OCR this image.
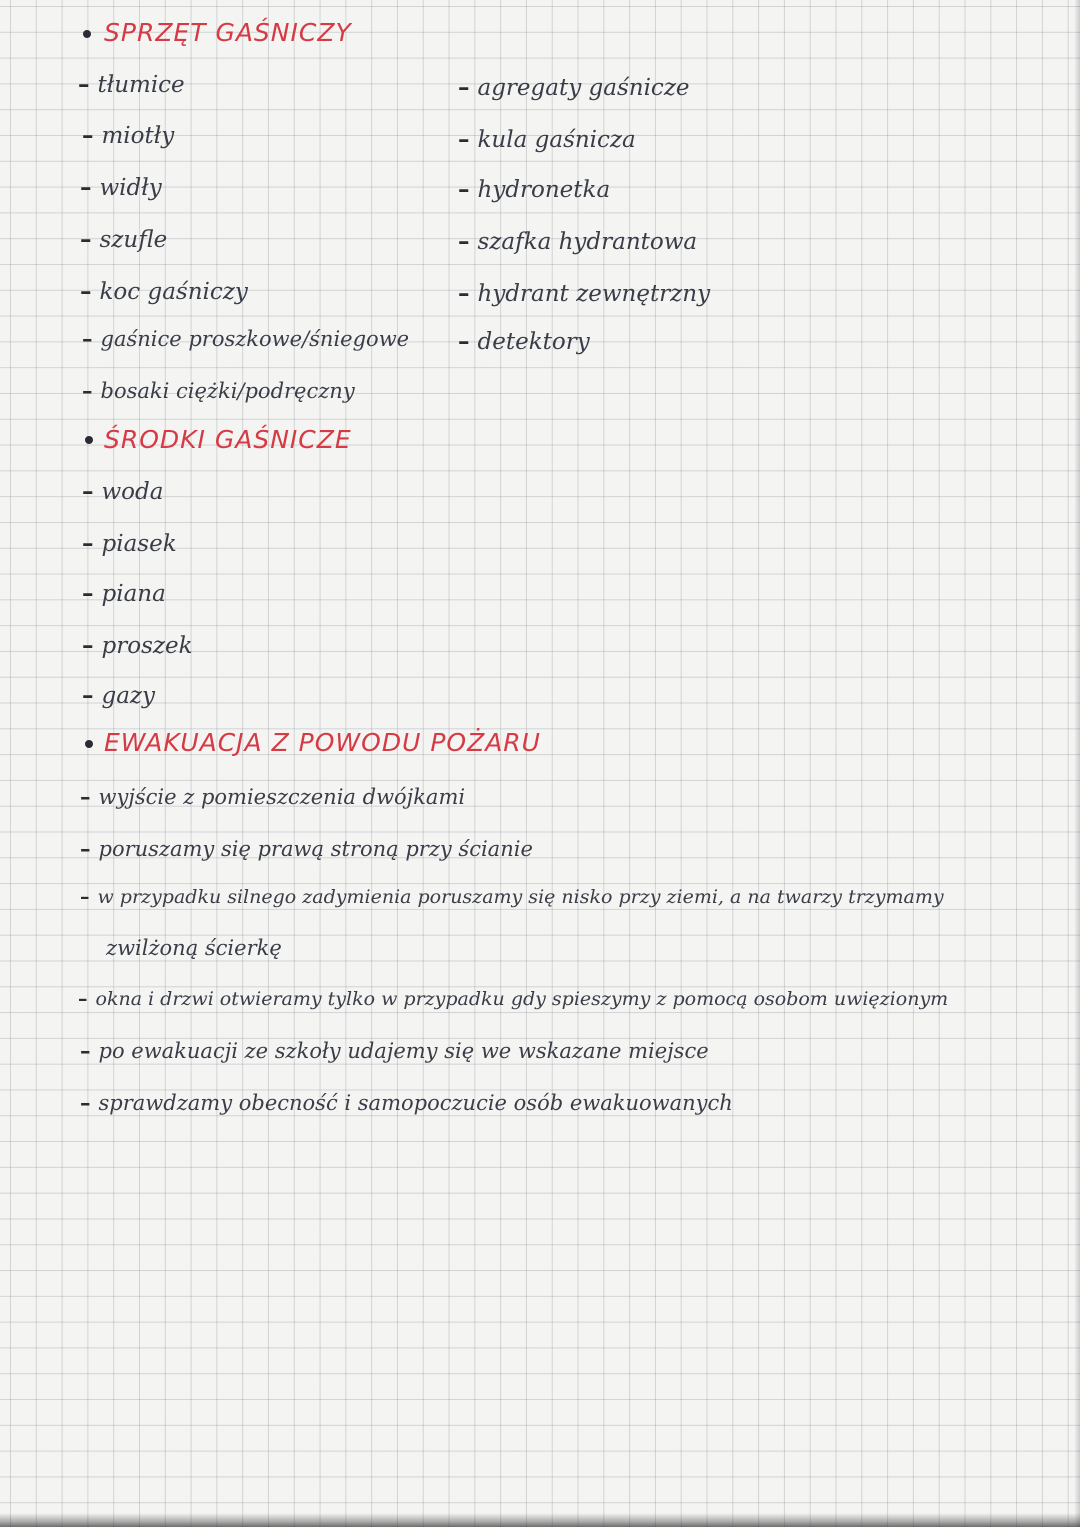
SPRZĘT GAŚNICZY
– tłumice
– miotły
– widły
– szufle
– koc gaśniczy
– gaśnice proszkowe/śniegowe
– bosaki ciężki/podręczny
– agregaty gaśnicze
– kula gaśnicza
– hydronetka
– szafka hydrantowa
– hydrant zewnętrzny
– detektory
ŚRODKI GAŚNICZE
– woda
– piasek
– piana
– proszek
– gazy
EWAKUACJA Z POWODU POŻARU
– wyjście z pomieszczenia dwójkami
– poruszamy się prawą stroną przy ścianie
– w przypadku silnego zadymienia poruszamy się nisko przy ziemi, a na twarzy trzymamy
zwilżoną ścierkę
– okna i drzwi otwieramy tylko w przypadku gdy spieszymy z pomocą osobom uwięzionym
– po ewakuacji ze szkoły udajemy się we wskazane miejsce
– sprawdzamy obecność i samopoczucie osób ewakuowanych
